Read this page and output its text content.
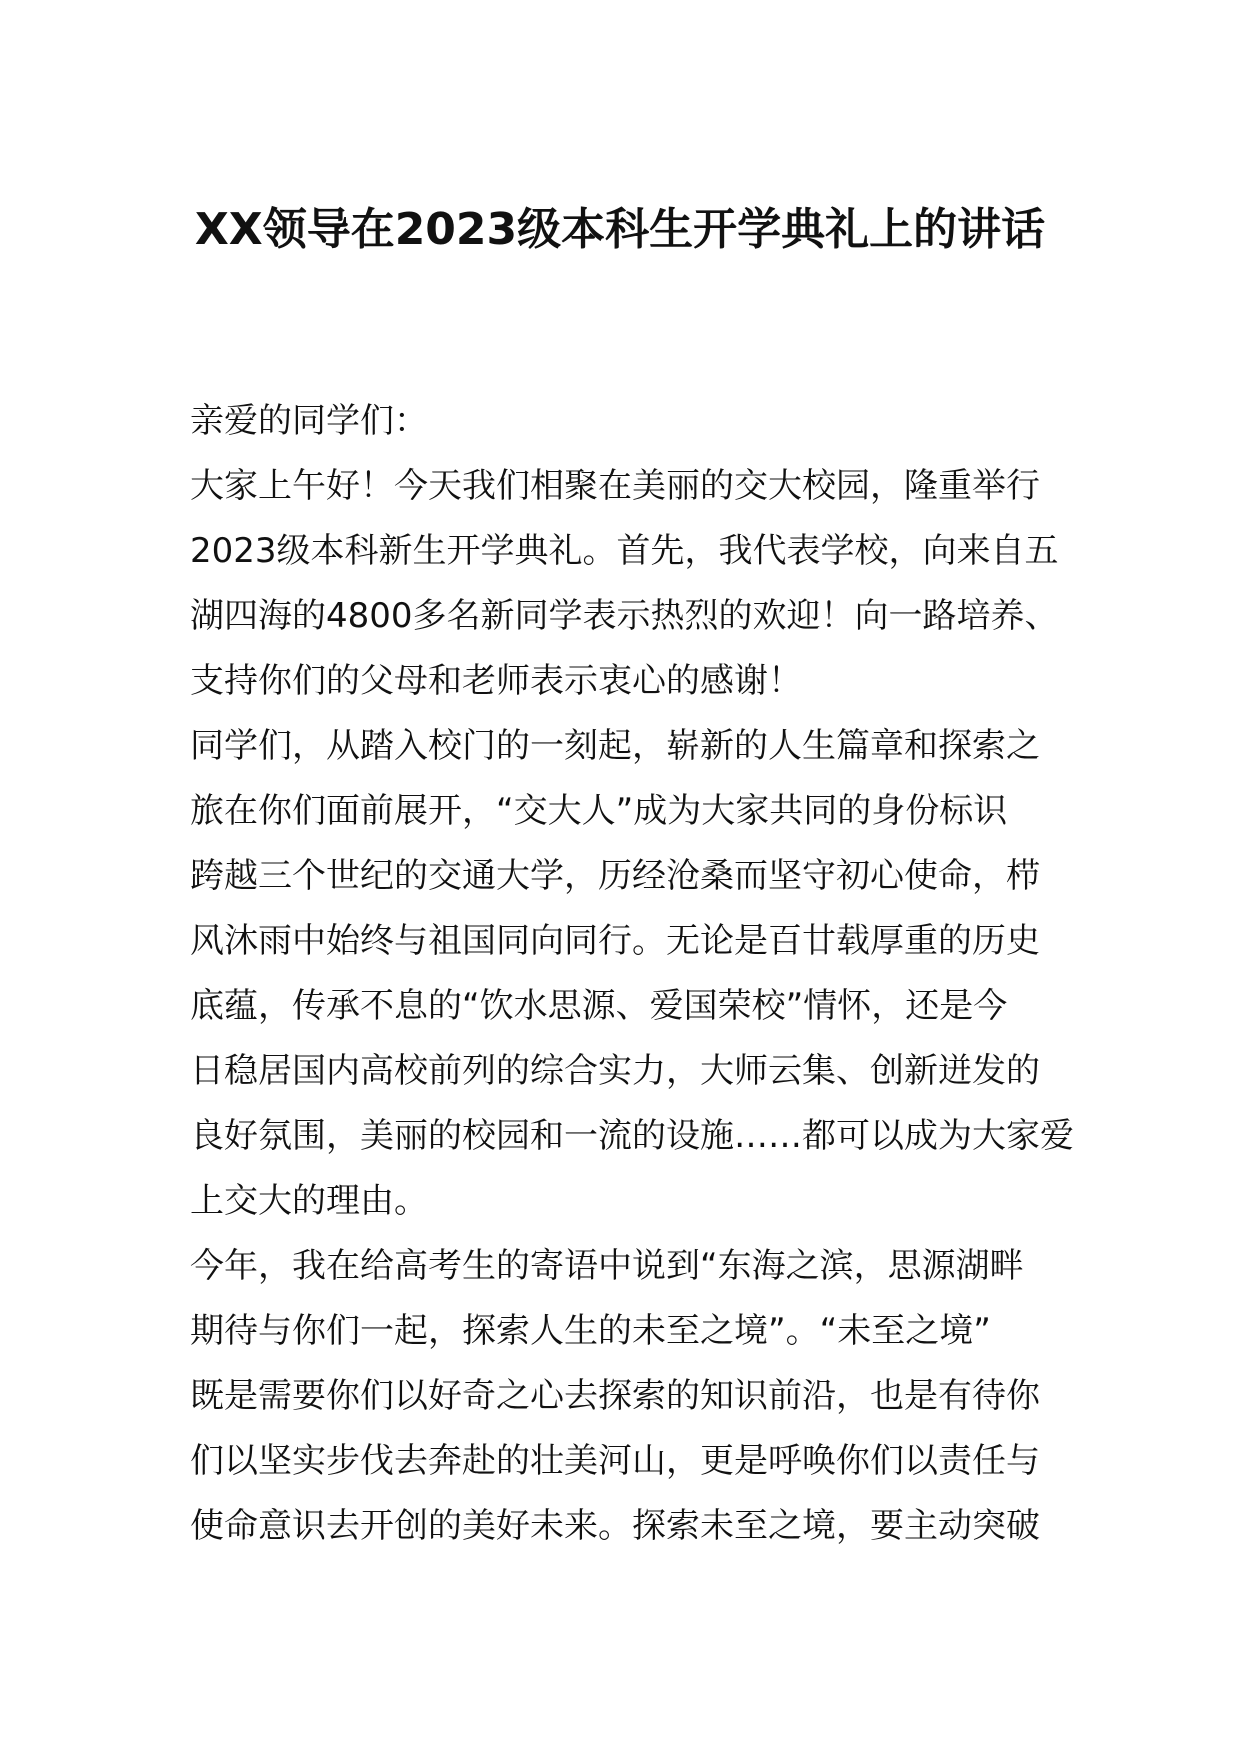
XX领导在2023级本科生开学典礼上的讲话
亲爱的同学们：
大家上午好！今天我们相聚在美丽的交大校园，隆重举行
2023级本科新生开学典礼。首先，我代表学校，向来自五
湖四海的4800多名新同学表示热烈的欢迎！向一路培养、
支持你们的父母和老师表示衷心的感谢！
同学们，从踏入校门的一刻起，崭新的人生篇章和探索之
旅在你们面前展开，“交大人”成为大家共同的身份标识
跨越三个世纪的交通大学，历经沧桑而坚守初心使命，栉
风沐雨中始终与祖国同向同行。无论是百廿载厚重的历史
底蕴，传承不息的“饮水思源、爱国荣校”情怀，还是今
日稳居国内高校前列的综合实力，大师云集、创新迸发的
良好氛围，美丽的校园和一流的设施……都可以成为大家爱
上交大的理由。
今年，我在给高考生的寄语中说到“东海之滨，思源湖畔
期待与你们一起，探索人生的未至之境”。“未至之境”
既是需要你们以好奇之心去探索的知识前沿，也是有待你
们以坚实步伐去奔赴的壮美河山，更是呼唤你们以责任与
使命意识去开创的美好未来。探索未至之境，要主动突破
